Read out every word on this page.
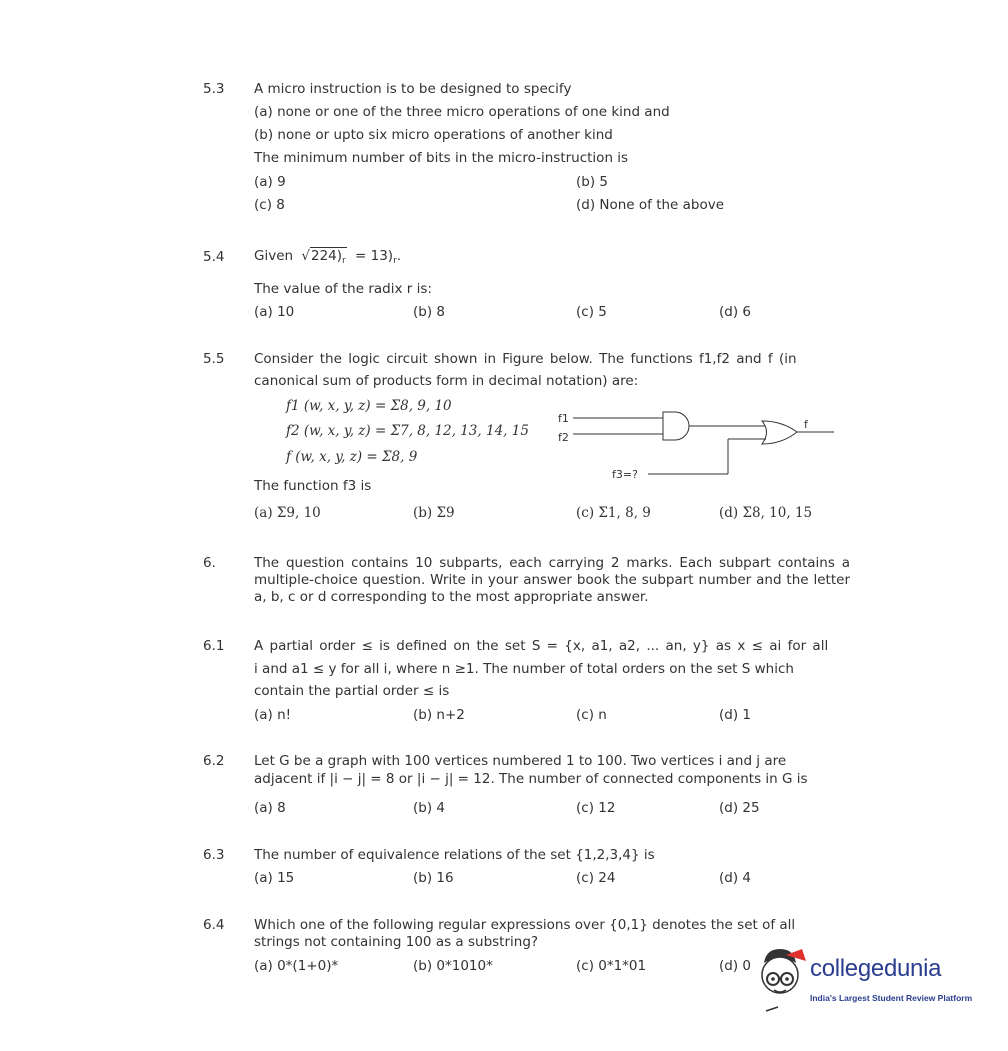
5.3 A micro instruction is to be designed to specify
(a) none or one of the three micro operations of one kind and
(b) none or upto six micro operations of another kind
The minimum number of bits in the micro-instruction is
(a) 9	(b) 5
(c) 8	(d) None of the above
5.4 Given $√224)_r = 13)_r$.
The value of the radix r is:
(a) 10	(b) 8	(c) 5	(d) 6
5.5 Consider the logic circuit shown in Figure below. The functions f1,f2 and f (in
canonical sum of products form in decimal notation) are:
f1 (w, x, y, z) = Σ8, 9, 10
f2 (w, x, y, z) = Σ7, 8, 12, 13, 14, 15
f (w, x, y, z) = Σ8, 9
The function f3 is
f1
f2
f
f3=?
(a) Σ9, 10	(b) Σ9	(c) Σ1, 8, 9	(d) Σ8, 10, 15
6.	The question contains 10 subparts, each carrying 2 marks. Each subpart contains a multiple-choice question. Write in your answer book the subpart number and the letter a, b, c or d corresponding to the most appropriate answer.
6.1 A partial order ≤ is defined on the set S = {x, a1, a2, ... an, y} as x ≤ ai for all
i and a1 ≤ y for all i, where n ≥1. The number of total orders on the set S which
contain the partial order ≤ is
(a) n!	(b) n+2	(c) n	(d) 1
6.2 Let G be a graph with 100 vertices numbered 1 to 100. Two vertices i and j are
adjacent if |i − j| = 8 or |i − j| = 12. The number of connected components in G is
(a) 8	(b) 4	(c) 12	(d) 25
6.3 The number of equivalence relations of the set {1,2,3,4} is
(a) 15	(b) 16	(c) 24	(d) 4
6.4 Which one of the following regular expressions over {0,1} denotes the set of all
strings not containing 100 as a substring?
(a) 0*(1+0)*	(b) 0*1010*	(c) 0*1*01	(d) 0 collegedunia
India's Largest Student Review Platform
